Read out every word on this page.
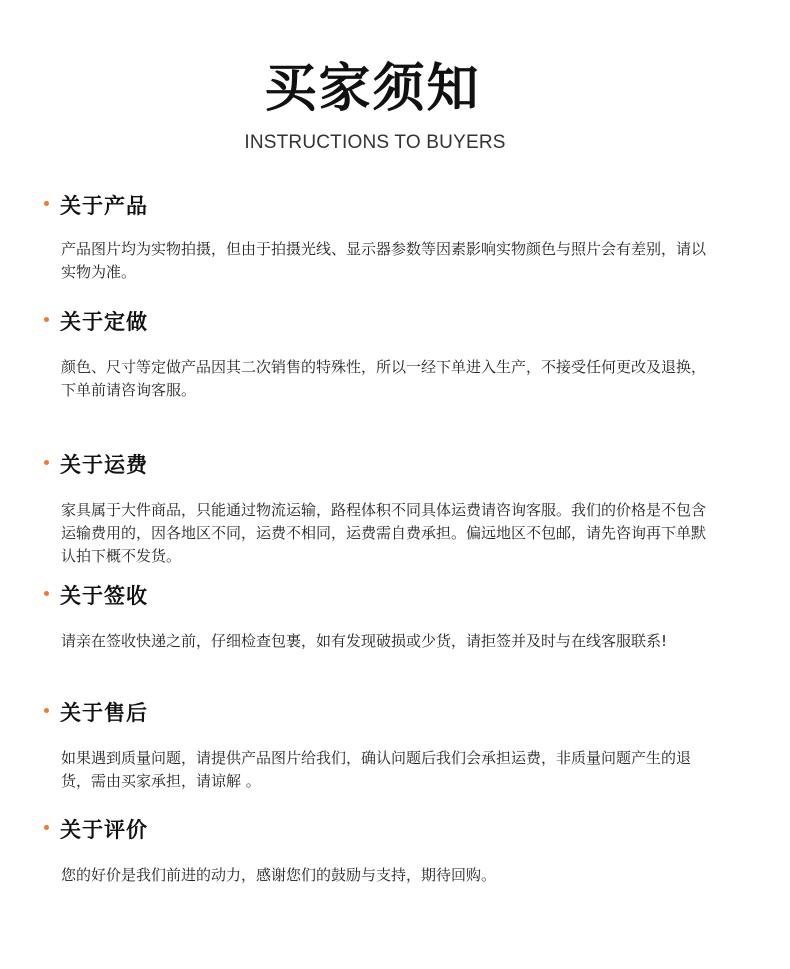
买家须知
INSTRUCTIONS TO BUYERS
关于产品
产品图片均为实物拍摄，但由于拍摄光线、显示器参数等因素影响实物颜色与照片会有差别，请以实物为准。
关于定做
颜色、尺寸等定做产品因其二次销售的特殊性，所以一经下单进入生产，不接受任何更改及退换，下单前请咨询客服。
关于运费
家具属于大件商品，只能通过物流运输，路程体积不同具体运费请咨询客服。我们的价格是不包含运输费用的，因各地区不同，运费不相同，运费需自费承担。偏远地区不包邮，请先咨询再下单默认拍下概不发货。
关于签收
请亲在签收快递之前，仔细检查包裹，如有发现破损或少货，请拒签并及时与在线客服联系!
关于售后
如果遇到质量问题，请提供产品图片给我们，确认问题后我们会承担运费，非质量问题产生的退货，需由买家承担，请谅解 。
关于评价
您的好价是我们前进的动力，感谢您们的鼓励与支持，期待回购。
